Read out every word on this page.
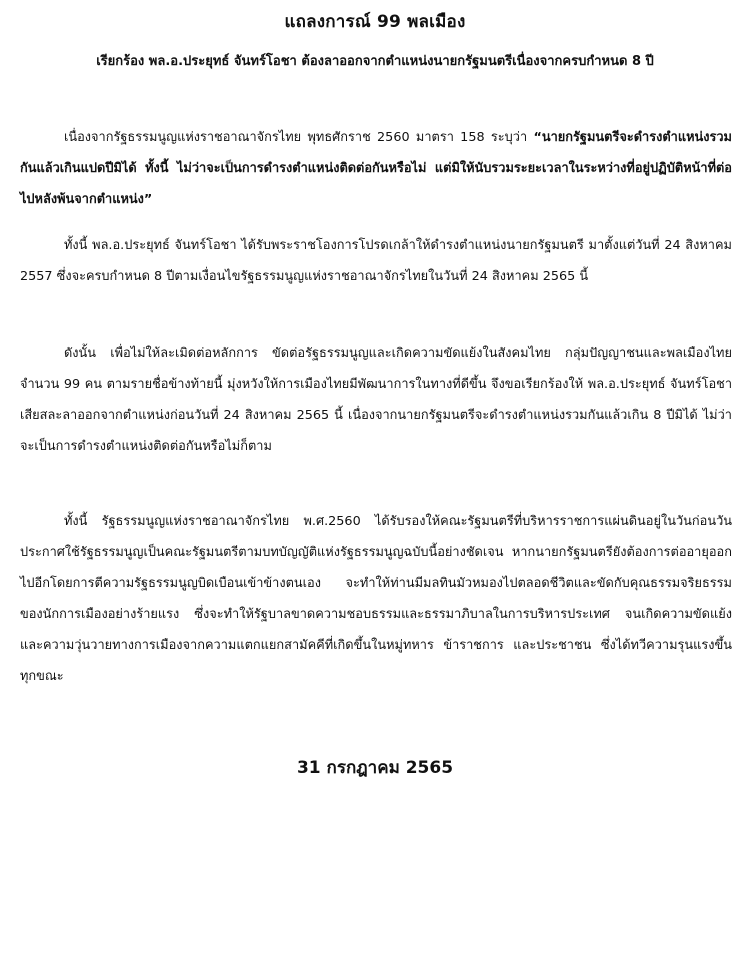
แถลงการณ์ 99 พลเมือง
เรียกร้อง พล.อ.ประยุทธ์ จันทร์โอชา ต้องลาออกจากตำแหน่งนายกรัฐมนตรีเนื่องจากครบกำหนด 8 ปี

เนื่องจากรัฐธรรมนูญแห่งราชอาณาจักรไทย พุทธศักราช 2560 มาตรา 158 ระบุว่า “นายกรัฐมนตรีจะดำรงตำแหน่งรวมกันแล้วเกินแปดปีมิได้ ทั้งนี้ ไม่ว่าจะเป็นการดำรงตำแหน่งติดต่อกันหรือไม่ แต่มิให้นับรวมระยะเวลาในระหว่างที่อยู่ปฏิบัติหน้าที่ต่อไปหลังพ้นจากตำแหน่ง”

ทั้งนี้ พล.อ.ประยุทธ์ จันทร์โอชา ได้รับพระราชโองการโปรดเกล้าให้ดำรงตำแหน่งนายกรัฐมนตรี มาตั้งแต่วันที่ 24 สิงหาคม 2557 ซึ่งจะครบกำหนด 8 ปีตามเงื่อนไขรัฐธรรมนูญแห่งราชอาณาจักรไทยในวันที่ 24 สิงหาคม 2565 นี้

ดังนั้น เพื่อไม่ให้ละเมิดต่อหลักการ ขัดต่อรัฐธรรมนูญและเกิดความขัดแย้งในสังคมไทย กลุ่มปัญญาชนและพลเมืองไทย จำนวน 99 คน ตามรายชื่อข้างท้ายนี้ มุ่งหวังให้การเมืองไทยมีพัฒนาการในทางที่ดีขึ้น จึงขอเรียกร้องให้ พล.อ.ประยุทธ์ จันทร์โอชา เสียสละลาออกจากตำแหน่งก่อนวันที่ 24 สิงหาคม 2565 นี้ เนื่องจากนายกรัฐมนตรีจะดำรงตำแหน่งรวมกันแล้วเกิน 8 ปีมิได้ ไม่ว่าจะเป็นการดำรงตำแหน่งติดต่อกันหรือไม่ก็ตาม

ทั้งนี้ รัฐธรรมนูญแห่งราชอาณาจักรไทย พ.ศ.2560 ได้รับรองให้คณะรัฐมนตรีที่บริหารราชการแผ่นดินอยู่ในวันก่อนวันประกาศใช้รัฐธรรมนูญเป็นคณะรัฐมนตรีตามบทบัญญัติแห่งรัฐธรรมนูญฉบับนี้อย่างชัดเจน หากนายกรัฐมนตรียังต้องการต่ออายุออกไปอีกโดยการตีความรัฐธรรมนูญบิดเบือนเข้าข้างตนเอง จะทำให้ท่านมีมลทินมัวหมองไปตลอดชีวิตและขัดกับคุณธรรมจริยธรรมของนักการเมืองอย่างร้ายแรง ซึ่งจะทำให้รัฐบาลขาดความชอบธรรมและธรรมาภิบาลในการบริหารประเทศ จนเกิดความขัดแย้งและความวุ่นวายทางการเมืองจากความแตกแยกสามัคคีที่เกิดขึ้นในหมู่ทหาร ข้าราชการ และประชาชน ซึ่งได้ทวีความรุนแรงขึ้นทุกขณะ

31 กรกฎาคม 2565
